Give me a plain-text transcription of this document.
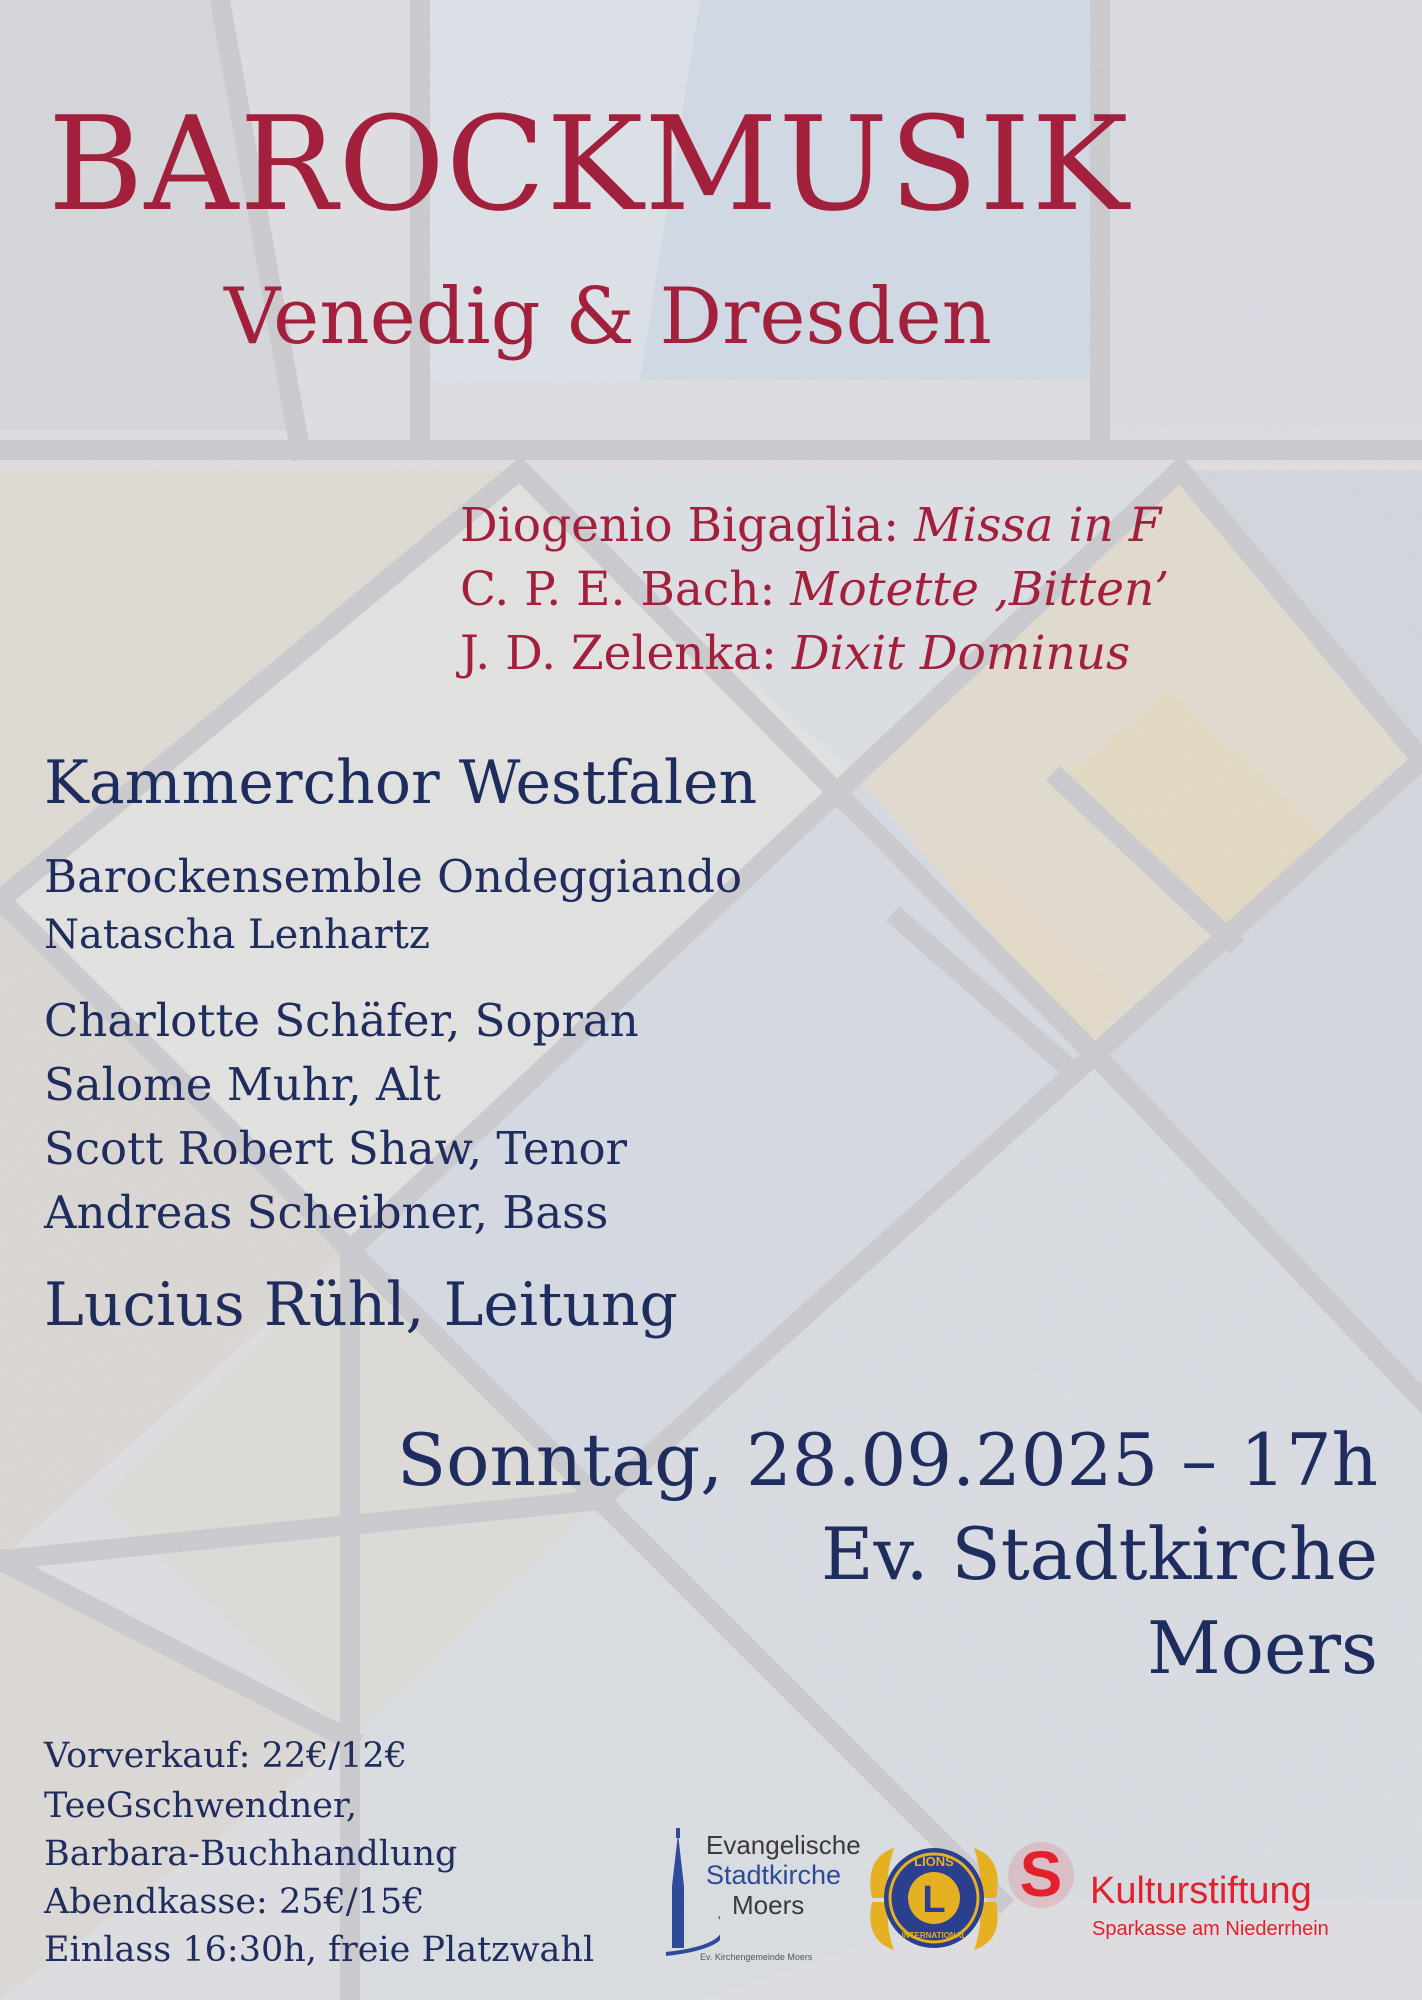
BAROCKMUSIK
Venedig & Dresden
Diogenio Bigaglia: Missa in F
C. P. E. Bach: Motette ‚Bitten’
J. D. Zelenka: Dixit Dominus
Kammerchor Westfalen
Barockensemble Ondeggiando
Natascha Lenhartz
Charlotte Schäfer, Sopran
Salome Muhr, Alt
Scott Robert Shaw, Tenor
Andreas Scheibner, Bass
Lucius Rühl, Leitung
Sonntag, 28.09.2025 – 17h
Ev. Stadtkirche
Moers
Vorverkauf: 22€/12€
TeeGschwendner,
Barbara-Buchhandlung
Abendkasse: 25€/15€
Einlass 16:30h, freie Platzwahl
Evangelische
Stadtkirche
Moers
Ev. Kirchengemeinde Moers
L
LIONS
INTERNATIONAL
S Kulturstiftung
Sparkasse am Niederrhein
